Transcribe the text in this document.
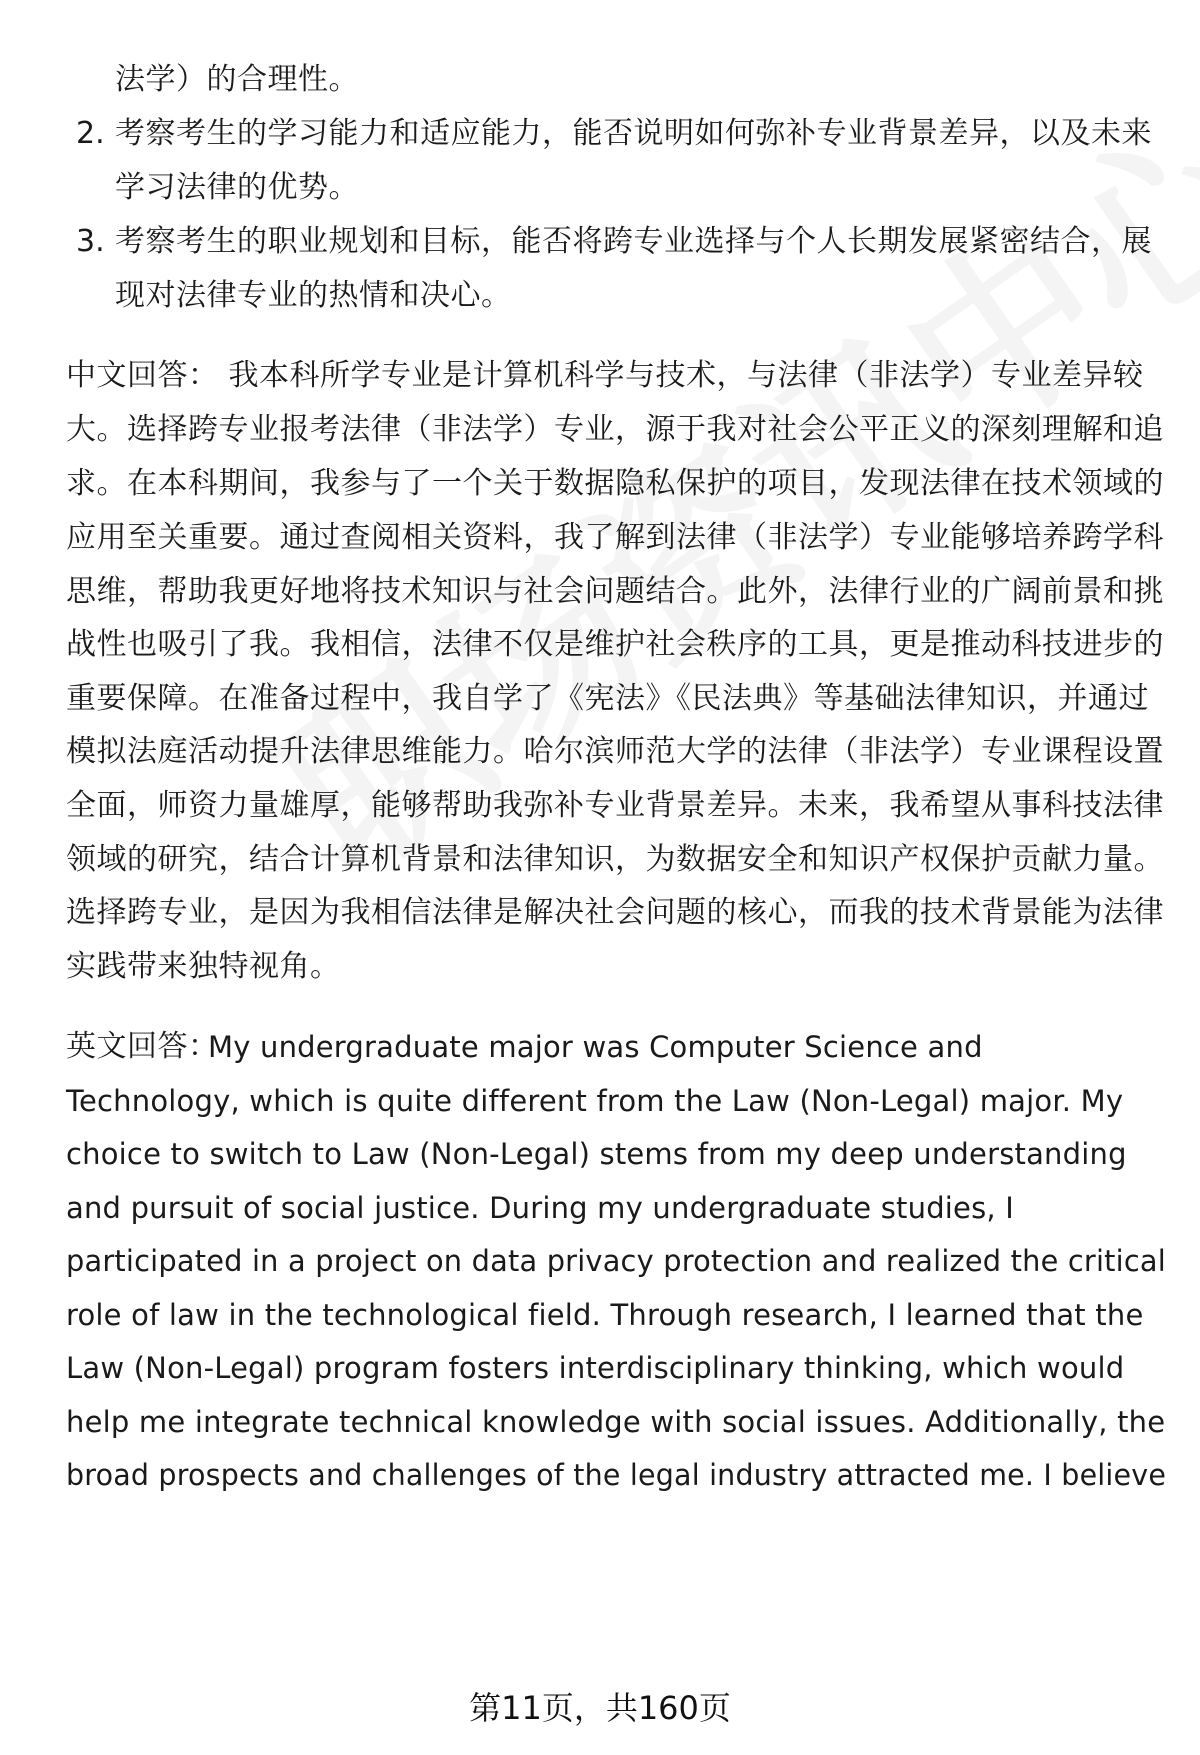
法学）的合理性。
2. 考察考生的学习能力和适应能力，能否说明如何弥补专业背景差异，以及未来
学习法律的优势。
3. 考察考生的职业规划和目标，能否将跨专业选择与个人长期发展紧密结合，展
现对法律专业的热情和决心。
中文回答： 我本科所学专业是计算机科学与技术，与法律（非法学）专业差异较
大。选择跨专业报考法律（非法学）专业，源于我对社会公平正义的深刻理解和追
求。在本科期间，我参与了一个关于数据隐私保护的项目，发现法律在技术领域的
应用至关重要。通过查阅相关资料，我了解到法律（非法学）专业能够培养跨学科
思维，帮助我更好地将技术知识与社会问题结合。此外，法律行业的广阔前景和挑
战性也吸引了我。我相信，法律不仅是维护社会秩序的工具，更是推动科技进步的
重要保障。在准备过程中，我自学了《宪法》《民法典》等基础法律知识，并通过
模拟法庭活动提升法律思维能力。哈尔滨师范大学的法律（非法学）专业课程设置
全面，师资力量雄厚，能够帮助我弥补专业背景差异。未来，我希望从事科技法律
领域的研究，结合计算机背景和法律知识，为数据安全和知识产权保护贡献力量。
选择跨专业，是因为我相信法律是解决社会问题的核心，而我的技术背景能为法律
实践带来独特视角。
英文回答：
My undergraduate major was Computer Science and
Technology, which is quite different from the Law (Non-Legal) major. My
choice to switch to Law (Non-Legal) stems from my deep understanding
and pursuit of social justice. During my undergraduate studies, I
participated in a project on data privacy protection and realized the critical
role of law in the technological field. Through research, I learned that the
Law (Non-Legal) program fosters interdisciplinary thinking, which would
help me integrate technical knowledge with social issues. Additionally, the
broad prospects and challenges of the legal industry attracted me. I believe
第11页，共160页
